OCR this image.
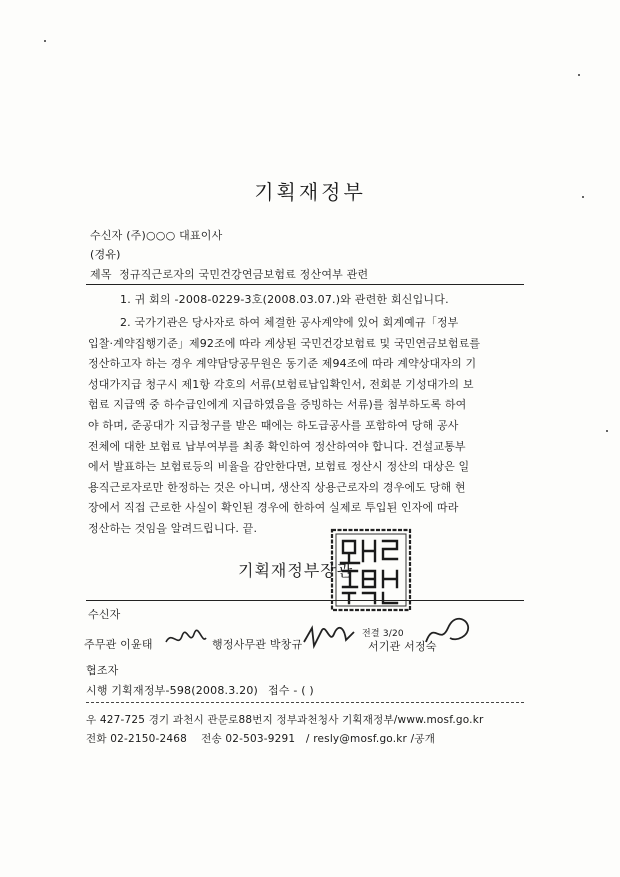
기획재정부
수신자 (주)○○○ 대표이사
(경유)
제목 정규직근로자의 국민건강연금보험료 정산여부 관련
1. 귀 회의 -2008-0229-3호(2008.03.07.)와 관련한 회신입니다.
2. 국가기관은 당사자로 하여 체결한 공사계약에 있어 회계예규「정부
입찰·계약집행기준」제92조에 따라 계상된 국민건강보험료 및 국민연금보험료를
정산하고자 하는 경우 계약담당공무원은 동기준 제94조에 따라 계약상대자의 기
성대가지급 청구시 제1항 각호의 서류(보험료납입확인서, 전회분 기성대가의 보
험료 지급액 중 하수급인에게 지급하였음을 증빙하는 서류)를 첨부하도록 하여
야 하며, 준공대가 지급청구를 받은 때에는 하도급공사를 포함하여 당해 공사
전체에 대한 보험료 납부여부를 최종 확인하여 정산하여야 합니다. 건설교통부
에서 발표하는 보험료등의 비율을 감안한다면, 보험료 정산시 정산의 대상은 일
용직근로자로만 한정하는 것은 아니며, 생산직 상용근로자의 경우에도 당해 현
장에서 직접 근로한 사실이 확인된 경우에 한하여 실제로 투입된 인자에 따라
정산하는 것임을 알려드립니다. 끝.
기획재정부장관
수신자
주무관 이윤태	행정사무관 박창규
전결 3/20
서기관 서정숙
협조자
시행 기획재정부-598(2008.3.20) 접수 - ( )
우 427-725 경기 과천시 관문로88번지 정부과천청사 기획재정부/www.mosf.go.kr
전화 02-2150-2468 전송 02-503-9291 / resly@mosf.go.kr /공개
